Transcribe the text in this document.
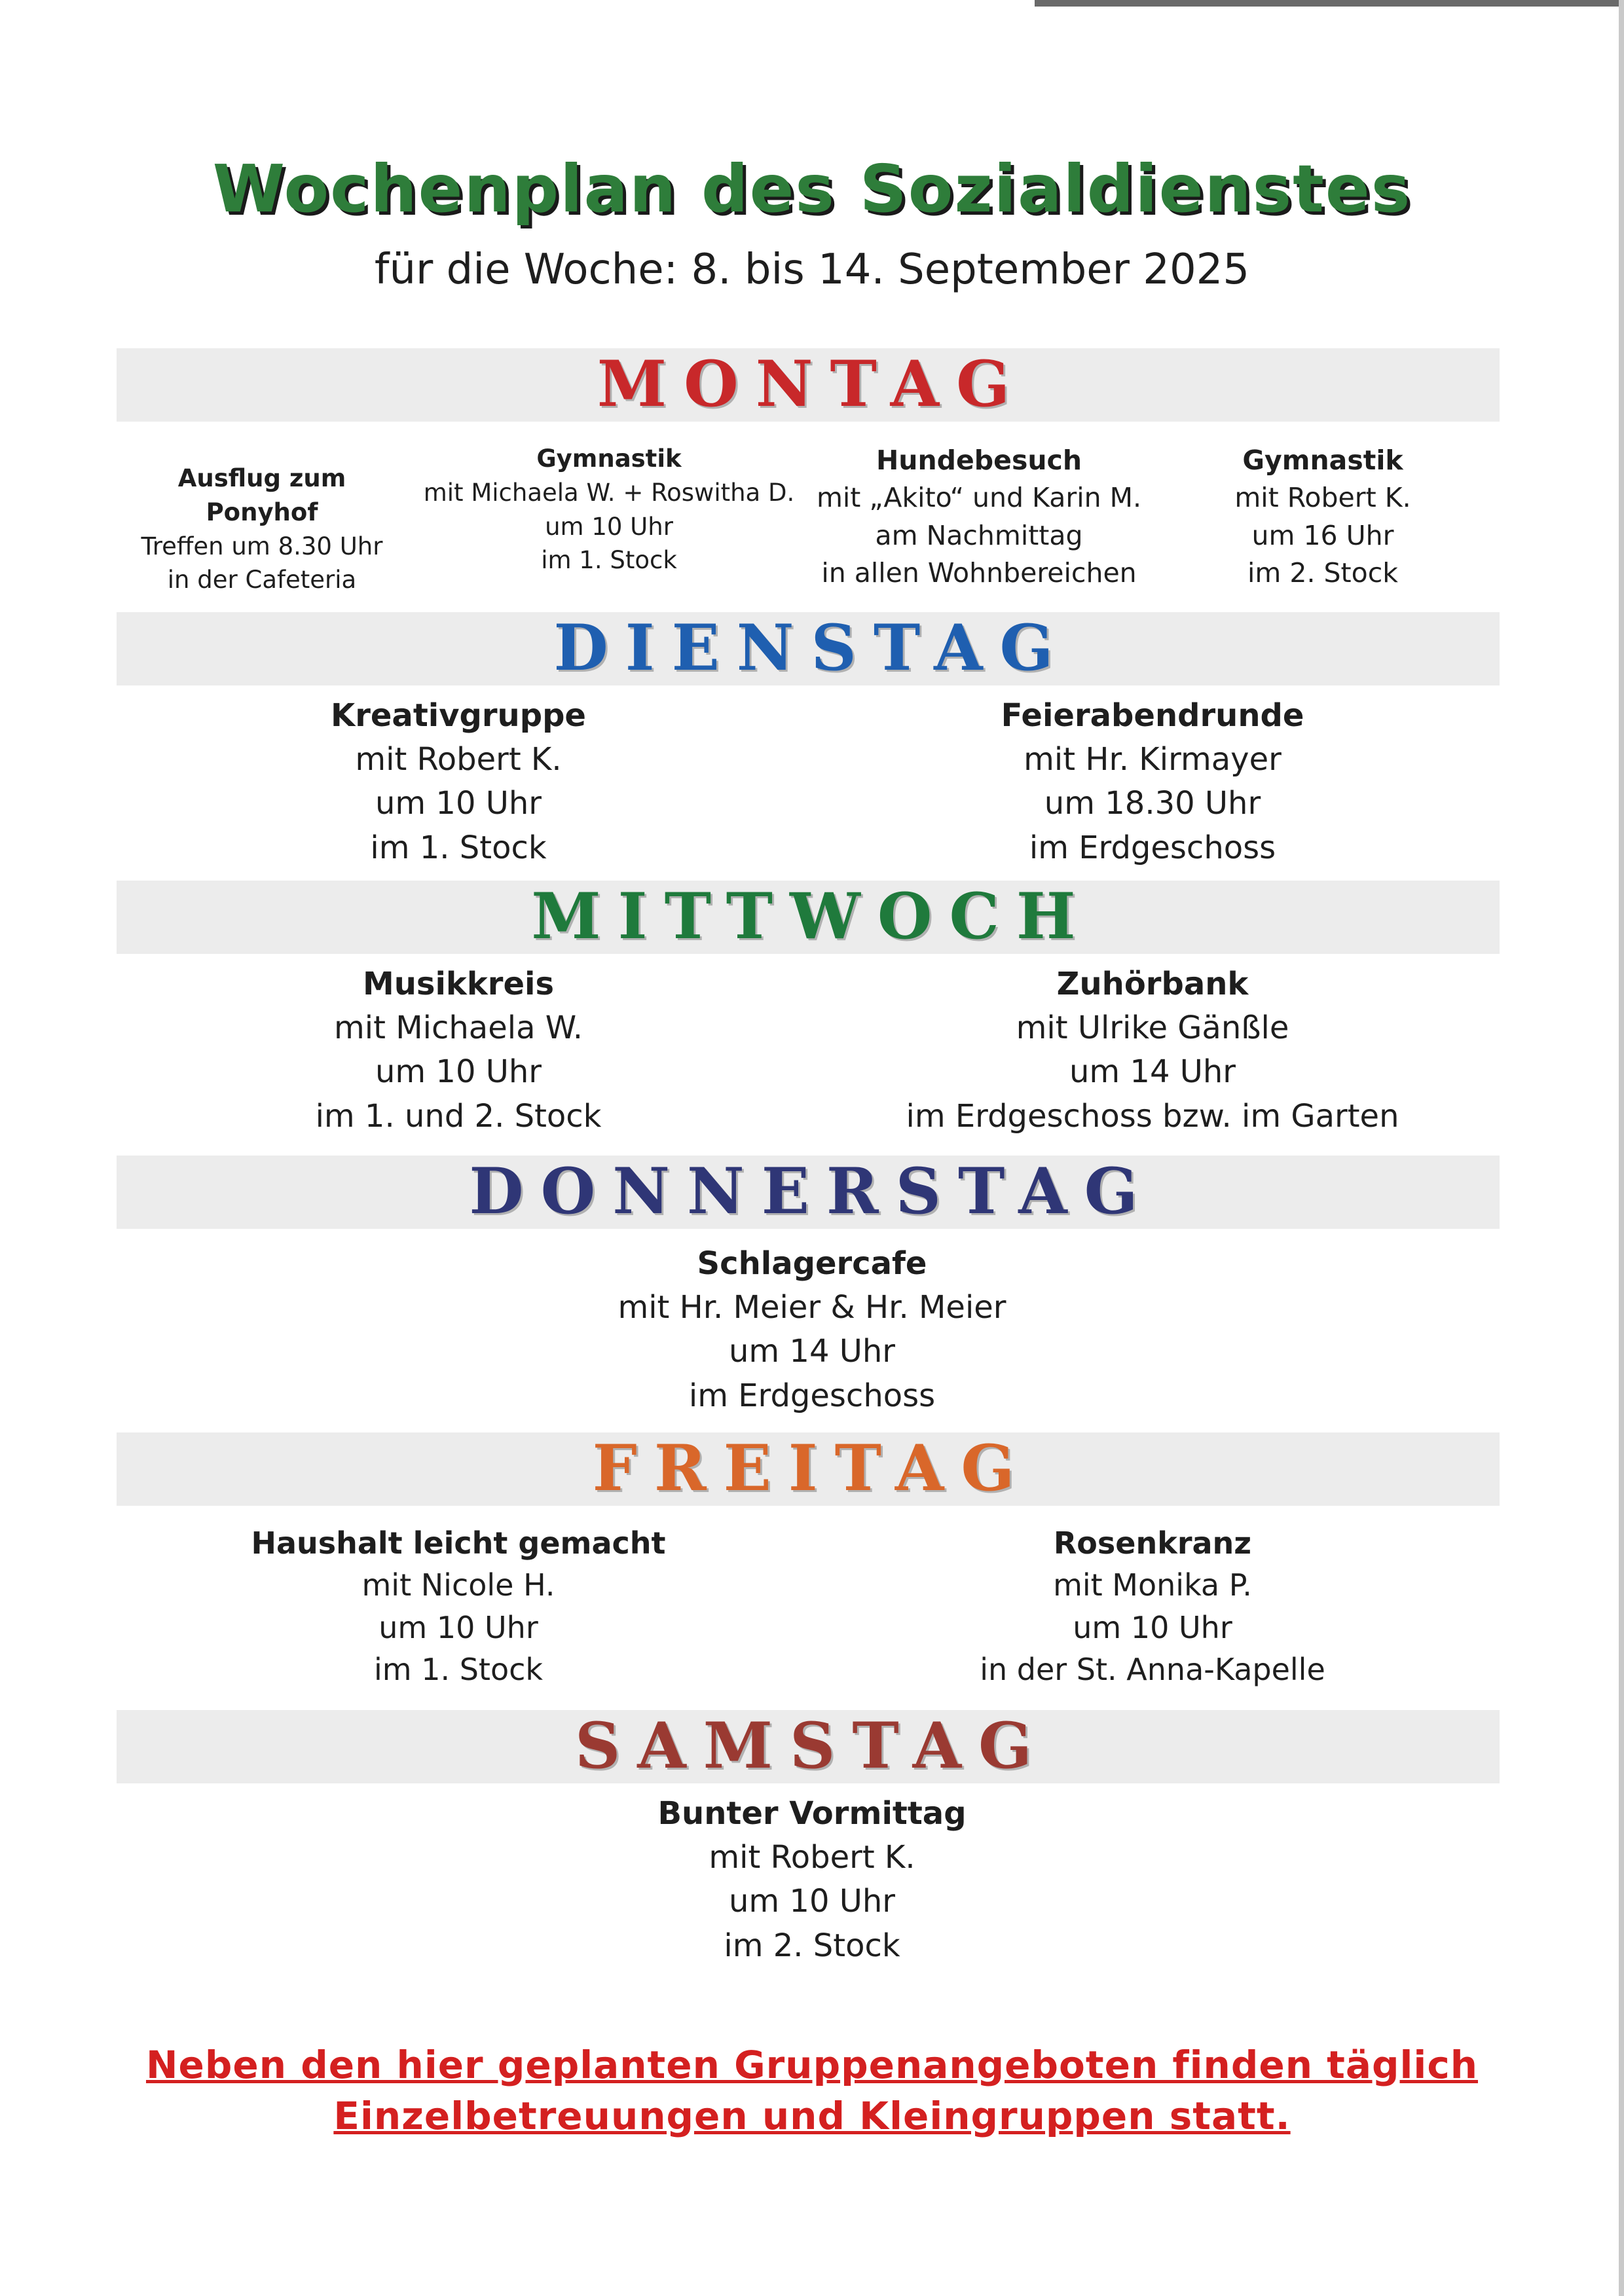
Wochenplan des Sozialdienstes
für die Woche: 8. bis 14. September 2025
MONTAG
Ausflug zum Ponyhof
Treffen um 8.30 Uhr
in der Cafeteria
Gymnastik
mit Michaela W. + Roswitha D.
um 10 Uhr
im 1. Stock
Hundebesuch
mit „Akito“ und Karin M.
am Nachmittag
in allen Wohnbereichen
Gymnastik
mit Robert K.
um 16 Uhr
im 2. Stock
DIENSTAG
Kreativgruppe
mit Robert K.
um 10 Uhr
im 1. Stock
Feierabendrunde
mit Hr. Kirmayer
um 18.30 Uhr
im Erdgeschoss
MITTWOCH
Musikkreis
mit Michaela W.
um 10 Uhr
im 1. und 2. Stock
Zuhörbank
mit Ulrike Gänßle
um 14 Uhr
im Erdgeschoss bzw. im Garten
DONNERSTAG
Schlagercafe
mit Hr. Meier & Hr. Meier
um 14 Uhr
im Erdgeschoss
FREITAG
Haushalt leicht gemacht
mit Nicole H.
um 10 Uhr
im 1. Stock
Rosenkranz
mit Monika P.
um 10 Uhr
in der St. Anna-Kapelle
SAMSTAG
Bunter Vormittag
mit Robert K.
um 10 Uhr
im 2. Stock
Neben den hier geplanten Gruppenangeboten finden täglich
Einzelbetreuungen und Kleingruppen statt.
